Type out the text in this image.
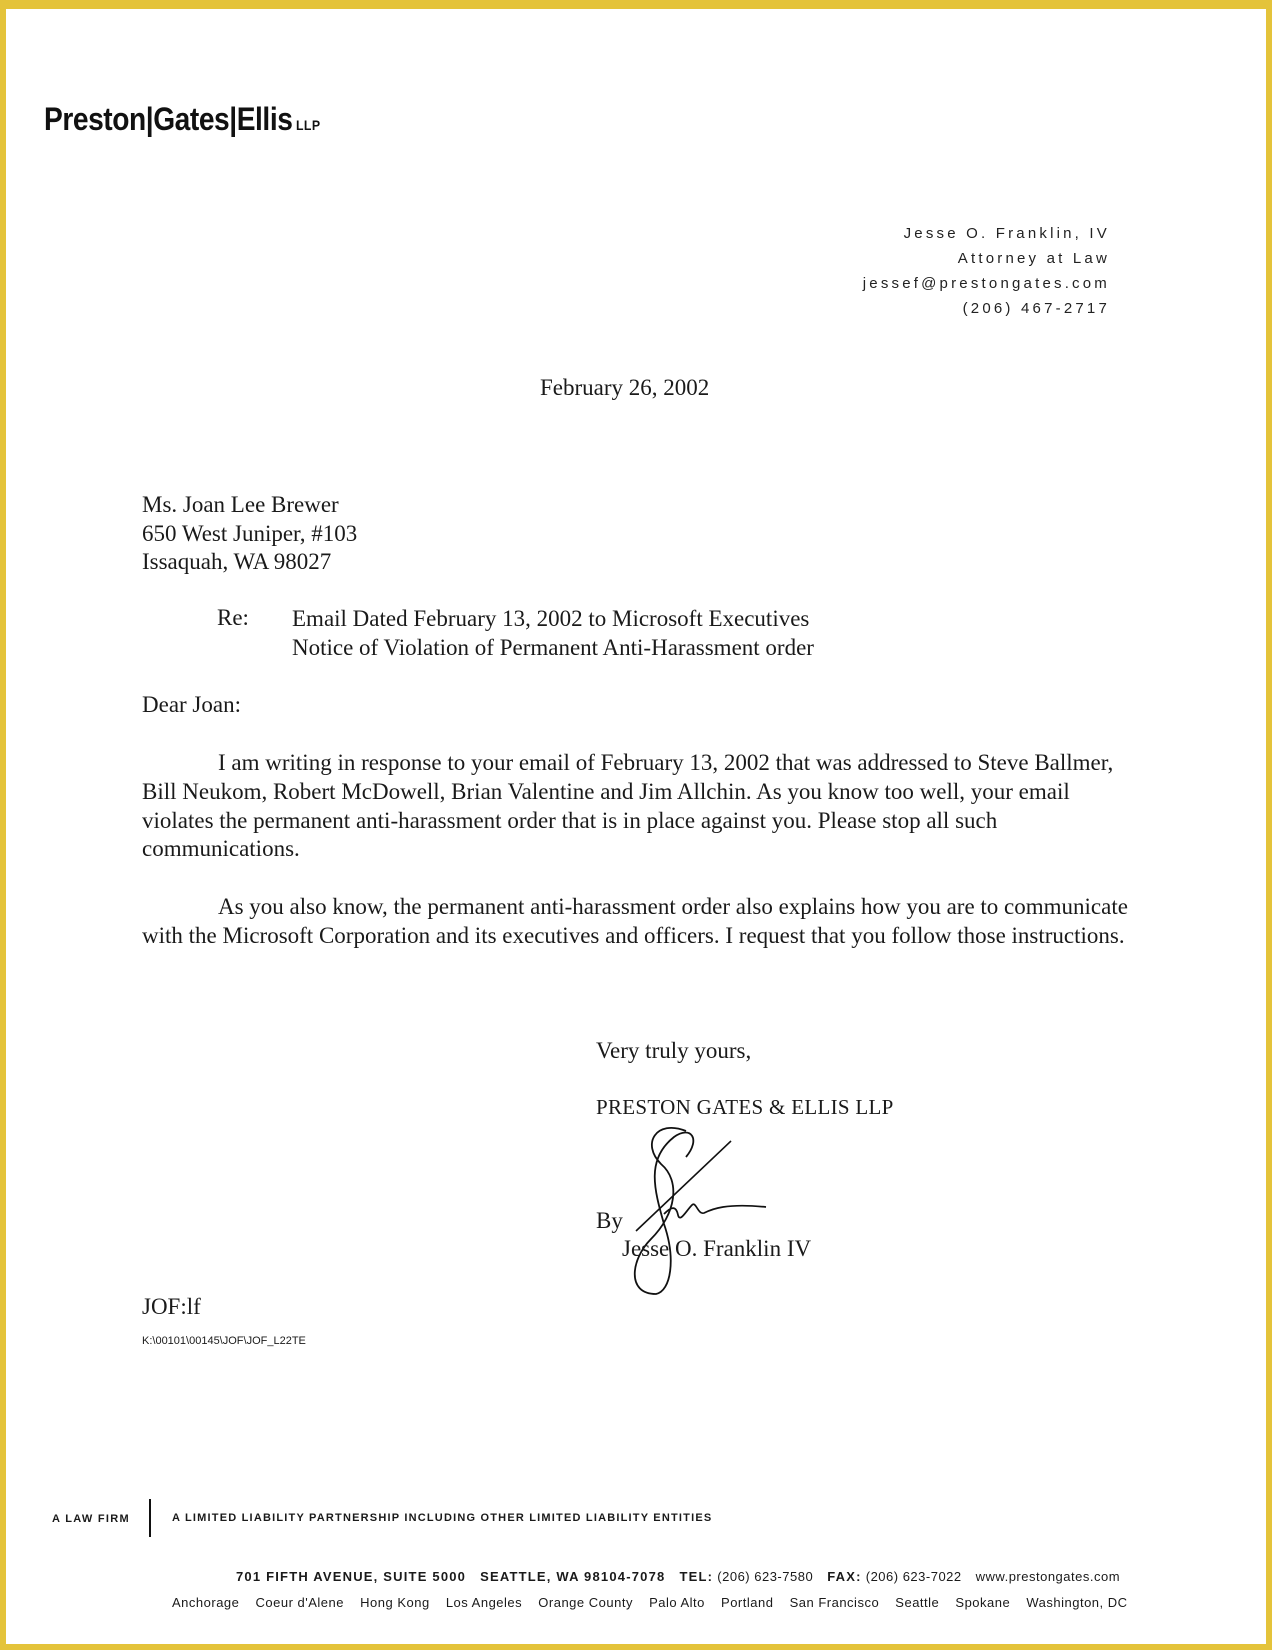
Preston|Gates|Ellis LLP
Jesse O. Franklin, IV
Attorney at Law
jessef@prestongates.com
(206) 467-2717
February 26, 2002
Ms. Joan Lee Brewer
650 West Juniper, #103
Issaquah, WA 98027
Re: Email Dated February 13, 2002 to Microsoft Executives
Notice of Violation of Permanent Anti-Harassment order
Dear Joan:
I am writing in response to your email of February 13, 2002 that was addressed to Steve Ballmer, Bill Neukom, Robert McDowell, Brian Valentine and Jim Allchin. As you know too well, your email violates the permanent anti-harassment order that is in place against you. Please stop all such communications.
As you also know, the permanent anti-harassment order also explains how you are to communicate with the Microsoft Corporation and its executives and officers. I request that you follow those instructions.
Very truly yours,
PRESTON GATES & ELLIS LLP
By
Jesse O. Franklin IV
JOF:lf
K:\00101\00145\JOF\JOF_L22TE
A LAW FIRM	A LIMITED LIABILITY PARTNERSHIP INCLUDING OTHER LIMITED LIABILITY ENTITIES
701 FIFTH AVENUE, SUITE 5000 SEATTLE, WA 98104-7078 TEL: (206) 623-7580 FAX: (206) 623-7022 www.prestongates.com
Anchorage Coeur d'Alene Hong Kong Los Angeles Orange County Palo Alto Portland San Francisco Seattle Spokane Washington, DC
